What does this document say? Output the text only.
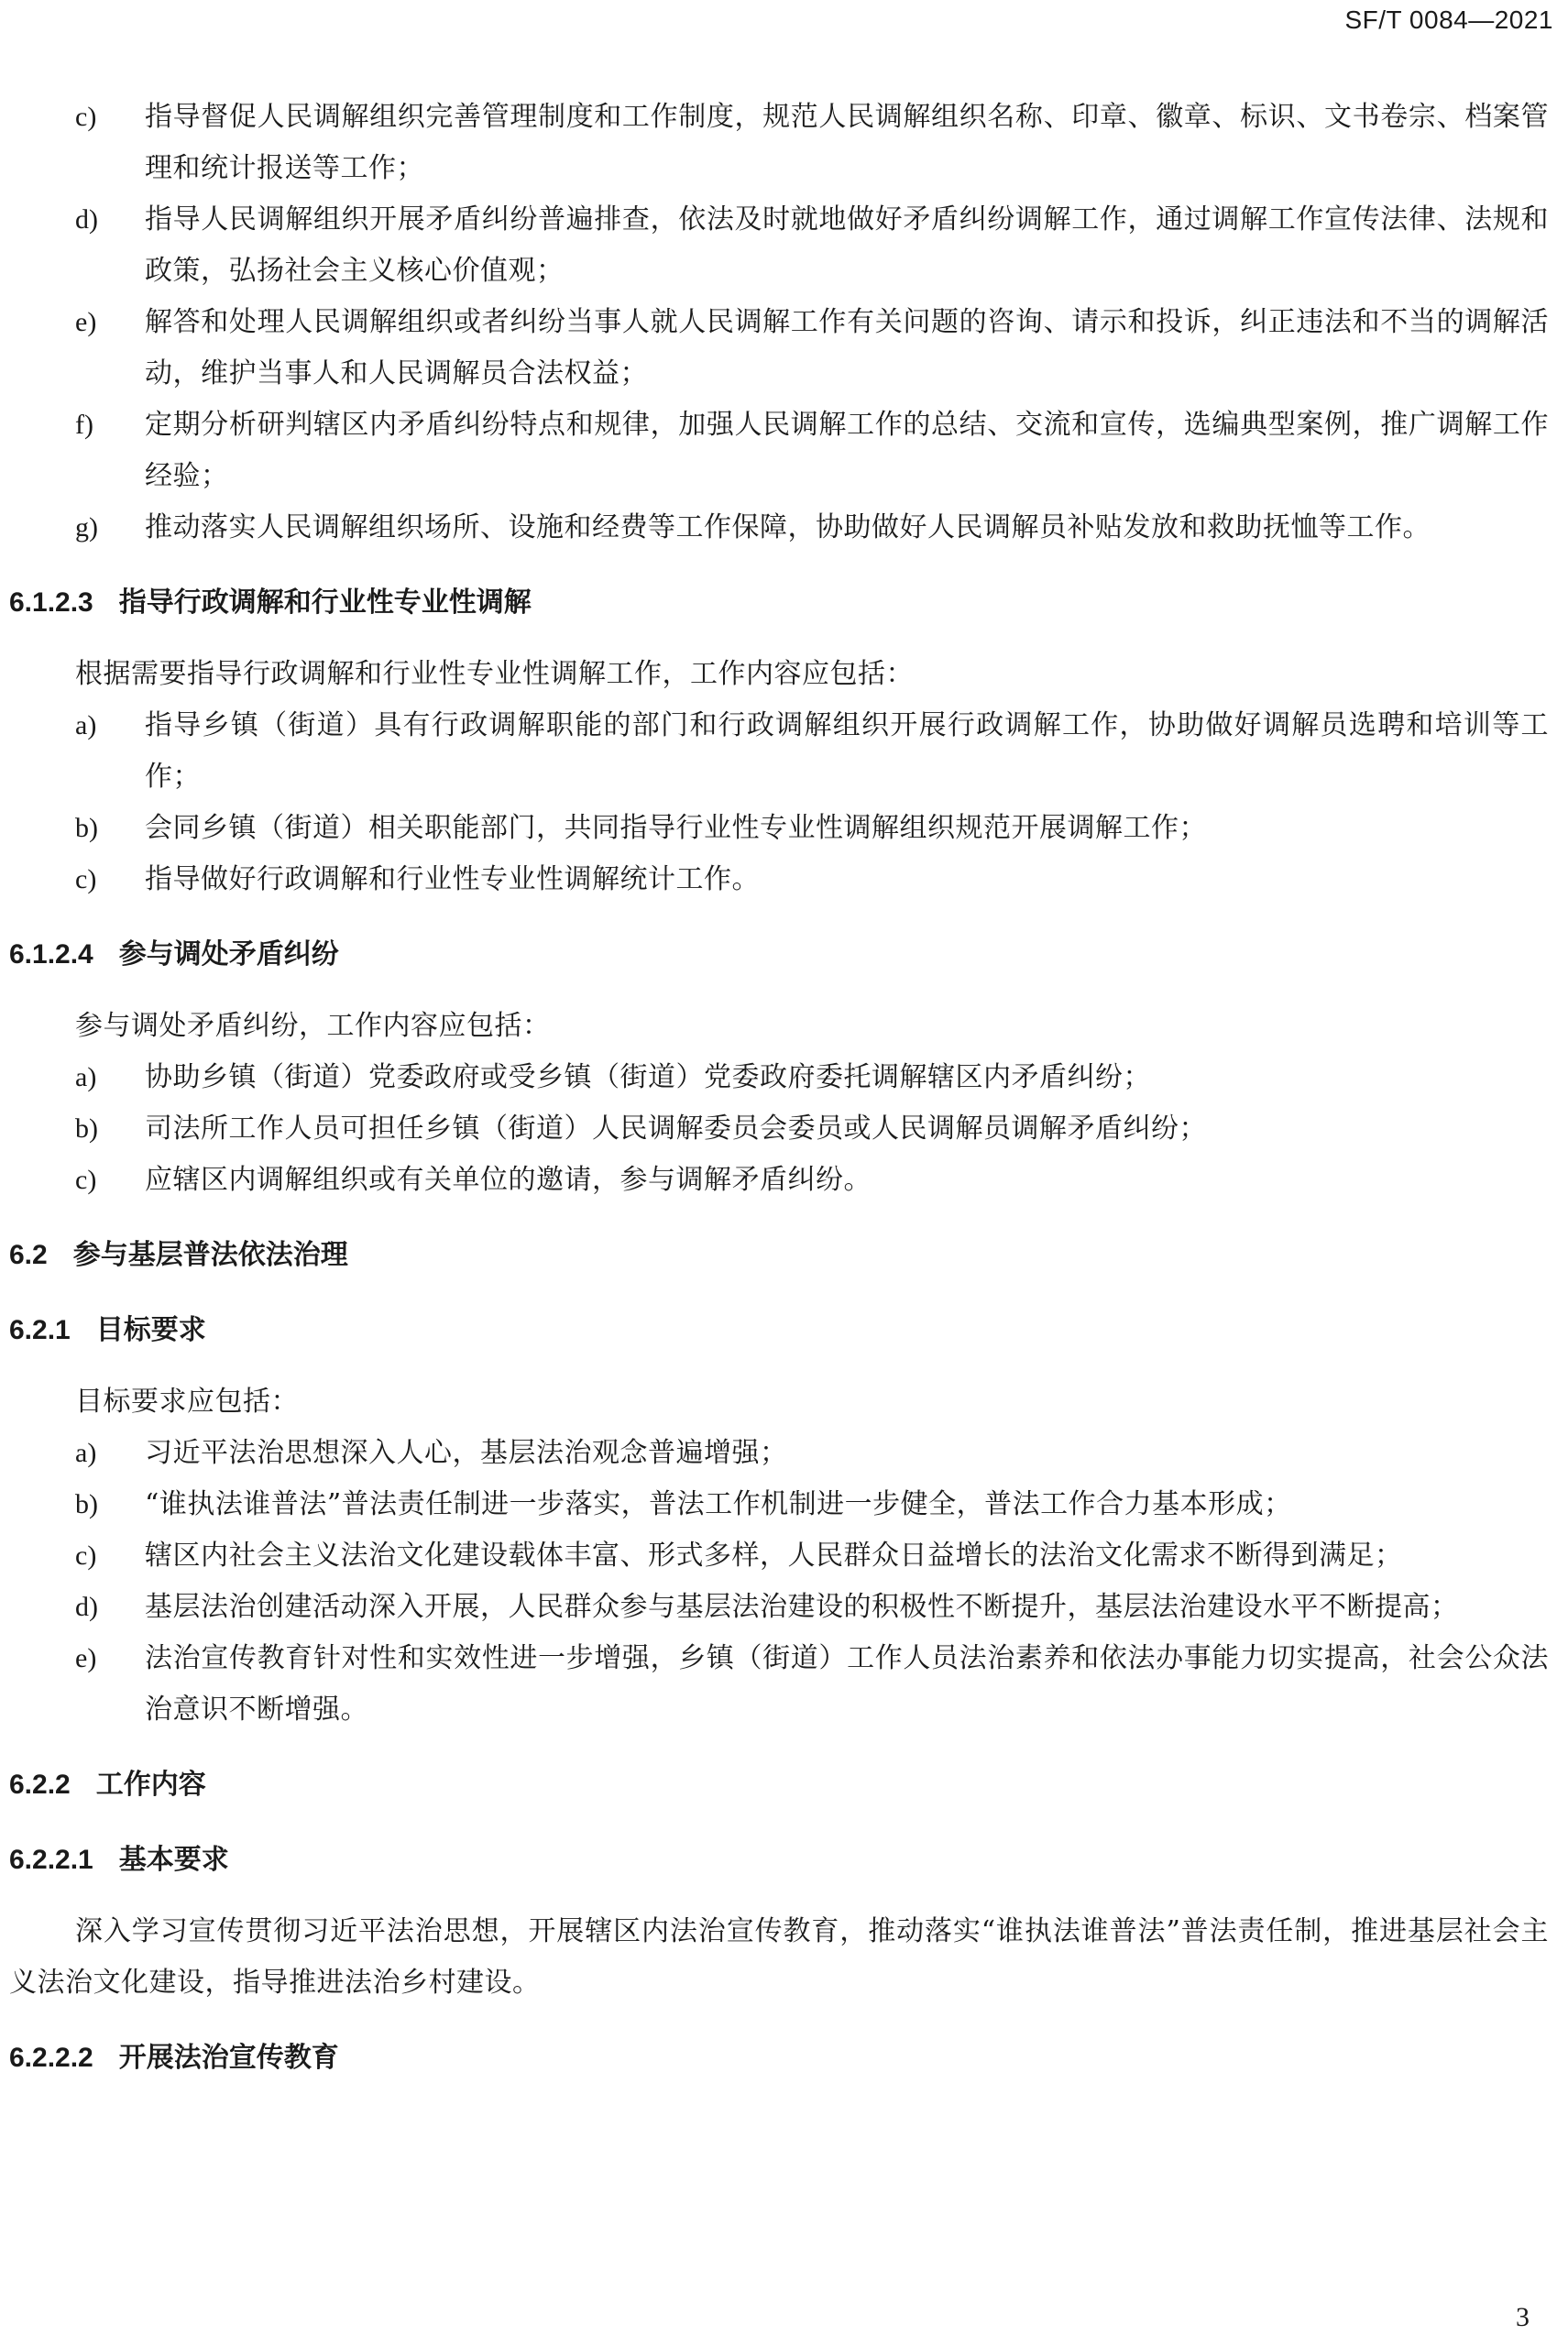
SF/T 0084—2021
c)	指导督促人民调解组织完善管理制度和工作制度，规范人民调解组织名称、印章、徽章、标识、文书卷宗、档案管理和统计报送等工作；
d)	指导人民调解组织开展矛盾纠纷普遍排查，依法及时就地做好矛盾纠纷调解工作，通过调解工作宣传法律、法规和政策，弘扬社会主义核心价值观；
e)	解答和处理人民调解组织或者纠纷当事人就人民调解工作有关问题的咨询、请示和投诉，纠正违法和不当的调解活动，维护当事人和人民调解员合法权益；
f)	定期分析研判辖区内矛盾纠纷特点和规律，加强人民调解工作的总结、交流和宣传，选编典型案例，推广调解工作经验；
g)	推动落实人民调解组织场所、设施和经费等工作保障，协助做好人民调解员补贴发放和救助抚恤等工作。
6.1.2.3 指导行政调解和行业性专业性调解
根据需要指导行政调解和行业性专业性调解工作，工作内容应包括：
a)	指导乡镇（街道）具有行政调解职能的部门和行政调解组织开展行政调解工作，协助做好调解员选聘和培训等工作；
b)	会同乡镇（街道）相关职能部门，共同指导行业性专业性调解组织规范开展调解工作；
c)	指导做好行政调解和行业性专业性调解统计工作。
6.1.2.4 参与调处矛盾纠纷
参与调处矛盾纠纷，工作内容应包括：
a)	协助乡镇（街道）党委政府或受乡镇（街道）党委政府委托调解辖区内矛盾纠纷；
b)	司法所工作人员可担任乡镇（街道）人民调解委员会委员或人民调解员调解矛盾纠纷；
c)	应辖区内调解组织或有关单位的邀请，参与调解矛盾纠纷。
6.2 参与基层普法依法治理
6.2.1 目标要求
目标要求应包括：
a)	习近平法治思想深入人心，基层法治观念普遍增强；
b)	“谁执法谁普法”普法责任制进一步落实，普法工作机制进一步健全，普法工作合力基本形成；
c)	辖区内社会主义法治文化建设载体丰富、形式多样，人民群众日益增长的法治文化需求不断得到满足；
d)	基层法治创建活动深入开展，人民群众参与基层法治建设的积极性不断提升，基层法治建设水平不断提高；
e)	法治宣传教育针对性和实效性进一步增强，乡镇（街道）工作人员法治素养和依法办事能力切实提高，社会公众法治意识不断增强。
6.2.2 工作内容
6.2.2.1 基本要求
深入学习宣传贯彻习近平法治思想，开展辖区内法治宣传教育，推动落实“谁执法谁普法”普法责任制，推进基层社会主义法治文化建设，指导推进法治乡村建设。
6.2.2.2 开展法治宣传教育
3
